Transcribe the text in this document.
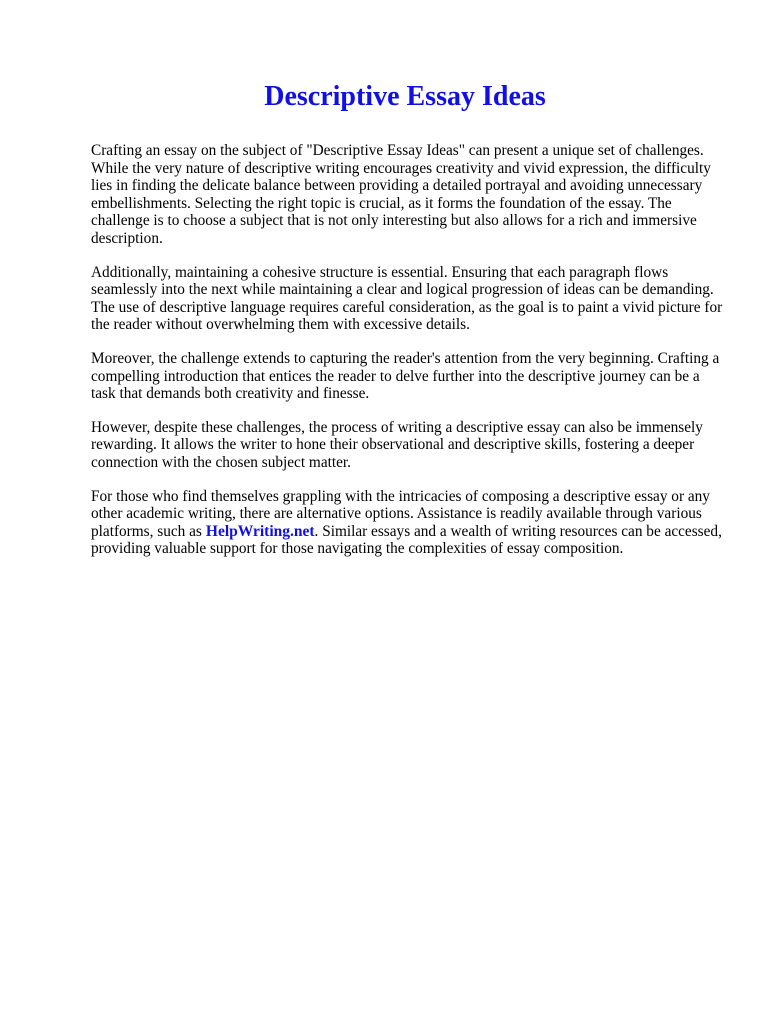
Descriptive Essay Ideas

Crafting an essay on the subject of "Descriptive Essay Ideas" can present a unique set of challenges. While the very nature of descriptive writing encourages creativity and vivid expression, the difficulty lies in finding the delicate balance between providing a detailed portrayal and avoiding unnecessary embellishments. Selecting the right topic is crucial, as it forms the foundation of the essay. The challenge is to choose a subject that is not only interesting but also allows for a rich and immersive description.

Additionally, maintaining a cohesive structure is essential. Ensuring that each paragraph flows seamlessly into the next while maintaining a clear and logical progression of ideas can be demanding. The use of descriptive language requires careful consideration, as the goal is to paint a vivid picture for the reader without overwhelming them with excessive details.

Moreover, the challenge extends to capturing the reader's attention from the very beginning. Crafting a compelling introduction that entices the reader to delve further into the descriptive journey can be a task that demands both creativity and finesse.

However, despite these challenges, the process of writing a descriptive essay can also be immensely rewarding. It allows the writer to hone their observational and descriptive skills, fostering a deeper connection with the chosen subject matter.

For those who find themselves grappling with the intricacies of composing a descriptive essay or any other academic writing, there are alternative options. Assistance is readily available through various platforms, such as HelpWriting.net. Similar essays and a wealth of writing resources can be accessed, providing valuable support for those navigating the complexities of essay composition.
